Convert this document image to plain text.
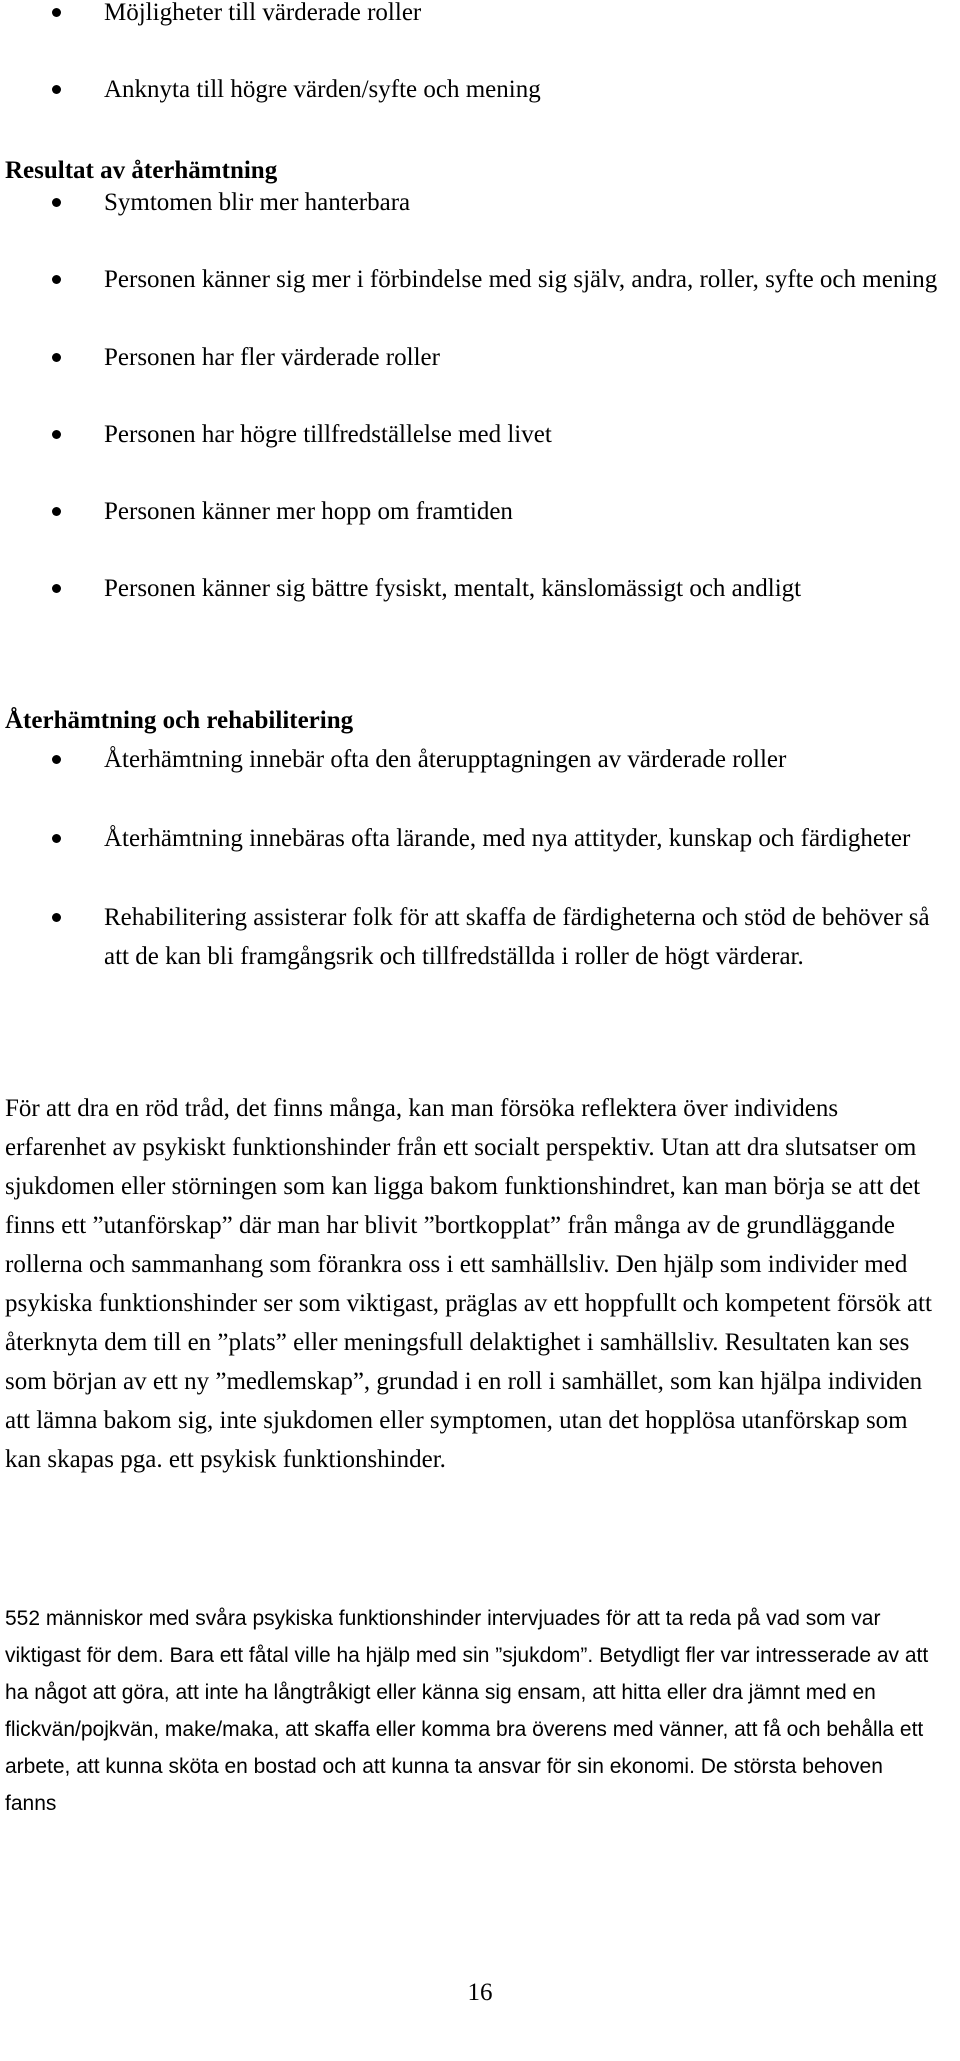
Möjligheter till värderade roller
Anknyta till högre värden/syfte och mening
Resultat av återhämtning
Symtomen blir mer hanterbara
Personen känner sig mer i förbindelse med sig själv, andra, roller, syfte och mening
Personen har fler värderade roller
Personen har högre tillfredställelse med livet
Personen känner mer hopp om framtiden
Personen känner sig bättre fysiskt, mentalt, känslomässigt och andligt
Återhämtning och rehabilitering
Återhämtning innebär ofta den återupptagningen av värderade roller
Återhämtning innebäras ofta lärande, med nya attityder, kunskap och färdigheter
Rehabilitering assisterar folk för att skaffa de färdigheterna och stöd de behöver så att de kan bli framgångsrik och tillfredställda i roller de högt värderar.

För att dra en röd tråd, det finns många, kan man försöka reflektera över individens erfarenhet av psykiskt funktionshinder från ett socialt perspektiv. Utan att dra slutsatser om sjukdomen eller störningen som kan ligga bakom funktionshindret, kan man börja se att det finns ett ”utanförskap” där man har blivit ”bortkopplat” från många av de grundläggande rollerna och sammanhang som förankra oss i ett samhällsliv. Den hjälp som individer med psykiska funktionshinder ser som viktigast, präglas av ett hoppfullt och kompetent försök att återknyta dem till en ”plats” eller meningsfull delaktighet i samhällsliv. Resultaten kan ses som början av ett ny ”medlemskap”, grundad i en roll i samhället, som kan hjälpa individen att lämna bakom sig, inte sjukdomen eller symptomen, utan det hopplösa utanförskap som kan skapas pga. ett psykisk funktionshinder.

552 människor med svåra psykiska funktionshinder intervjuades för att ta reda på vad som var viktigast för dem. Bara ett fåtal ville ha hjälp med sin ”sjukdom”. Betydligt fler var intresserade av att ha något att göra, att inte ha långtråkigt eller känna sig ensam, att hitta eller dra jämnt med en flickvän/pojkvän, make/maka, att skaffa eller komma bra överens med vänner, att få och behålla ett arbete, att kunna sköta en bostad och att kunna ta ansvar för sin ekonomi. De största behoven fanns

16
